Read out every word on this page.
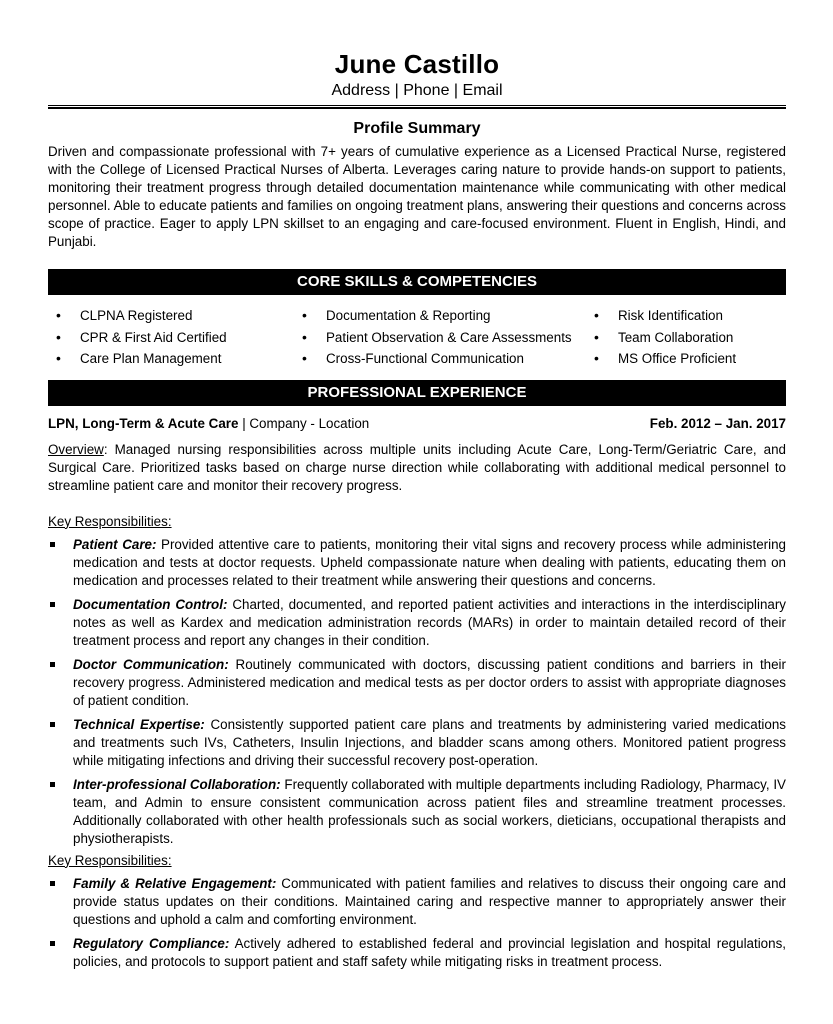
June Castillo
Address | Phone | Email
Profile Summary
Driven and compassionate professional with 7+ years of cumulative experience as a Licensed Practical Nurse, registered with the College of Licensed Practical Nurses of Alberta. Leverages caring nature to provide hands-on support to patients, monitoring their treatment progress through detailed documentation maintenance while communicating with other medical personnel. Able to educate patients and families on ongoing treatment plans, answering their questions and concerns across scope of practice. Eager to apply LPN skillset to an engaging and care-focused environment. Fluent in English, Hindi, and Punjabi.
CORE SKILLS & COMPETENCIES
• CLPNA Registered
• CPR & First Aid Certified
• Care Plan Management
• Documentation & Reporting
• Patient Observation & Care Assessments
• Cross-Functional Communication
• Risk Identification
• Team Collaboration
• MS Office Proficient
PROFESSIONAL EXPERIENCE
LPN, Long-Term & Acute Care | Company - Location	Feb. 2012 – Jan. 2017
Overview: Managed nursing responsibilities across multiple units including Acute Care, Long-Term/Geriatric Care, and Surgical Care. Prioritized tasks based on charge nurse direction while collaborating with additional medical personnel to streamline patient care and monitor their recovery progress.
Key Responsibilities:
Patient Care: Provided attentive care to patients, monitoring their vital signs and recovery process while administering medication and tests at doctor requests. Upheld compassionate nature when dealing with patients, educating them on medication and processes related to their treatment while answering their questions and concerns.
Documentation Control: Charted, documented, and reported patient activities and interactions in the interdisciplinary notes as well as Kardex and medication administration records (MARs) in order to maintain detailed record of their treatment process and report any changes in their condition.
Doctor Communication: Routinely communicated with doctors, discussing patient conditions and barriers in their recovery progress. Administered medication and medical tests as per doctor orders to assist with appropriate diagnoses of patient condition.
Technical Expertise: Consistently supported patient care plans and treatments by administering varied medications and treatments such IVs, Catheters, Insulin Injections, and bladder scans among others. Monitored patient progress while mitigating infections and driving their successful recovery post-operation.
Inter-professional Collaboration: Frequently collaborated with multiple departments including Radiology, Pharmacy, IV team, and Admin to ensure consistent communication across patient files and streamline treatment processes. Additionally collaborated with other health professionals such as social workers, dieticians, occupational therapists and physiotherapists.
Key Responsibilities:
Family & Relative Engagement: Communicated with patient families and relatives to discuss their ongoing care and provide status updates on their conditions. Maintained caring and respective manner to appropriately answer their questions and uphold a calm and comforting environment.
Regulatory Compliance: Actively adhered to established federal and provincial legislation and hospital regulations, policies, and protocols to support patient and staff safety while mitigating risks in treatment process.
